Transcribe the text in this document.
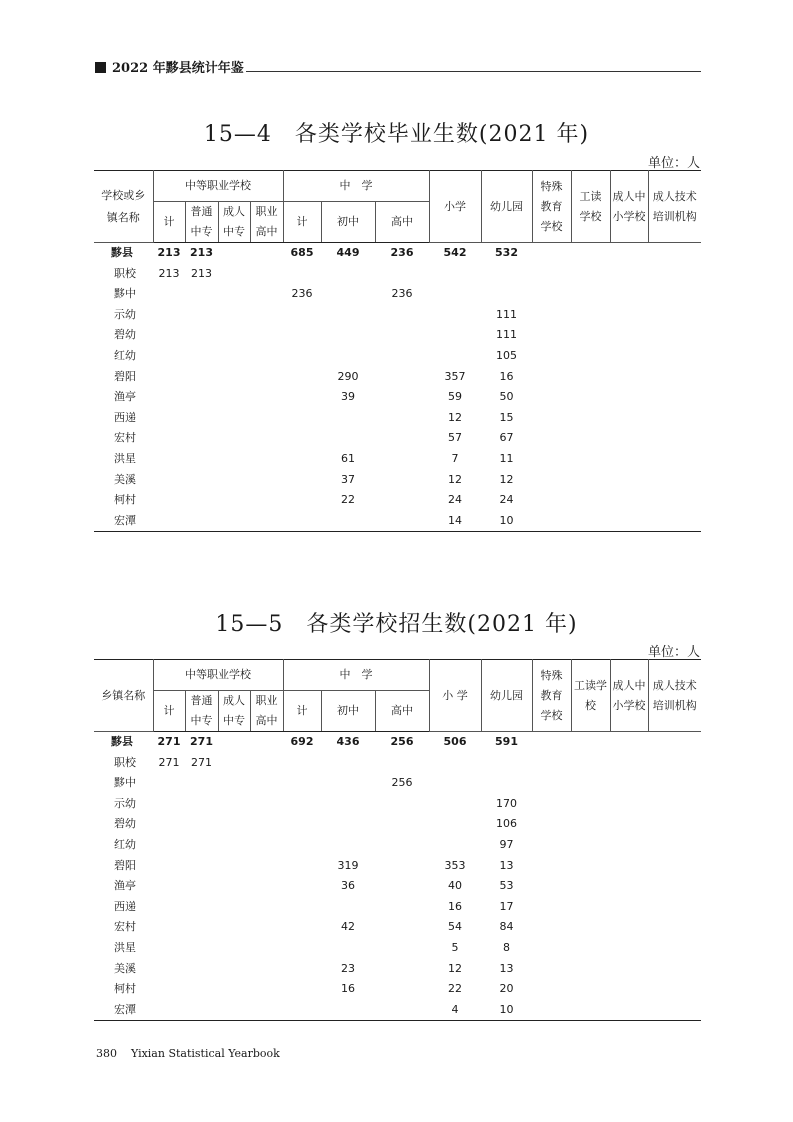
2022 年黟县统计年鉴
15—4　各类学校毕业生数(2021 年)
单位：人
学校或乡镇名称	中等职业学校				中　学			小学	幼儿园	特殊教育学校	工读学校	成人中小学校	成人技术培训机构
	计	普通中专	成人中专	职业高中	计	初中	高中						
黟县	213	213			685	449	236	542	532				
职校	213	213											
黟中					236		236						
示幼									111				
碧幼									111				
红幼									105				
碧阳						290		357	16				
渔亭						39		59	50				
西递								12	15				
宏村								57	67				
洪星						61		7	11				
美溪						37		12	12				
柯村						22		24	24				
宏潭								14	10				
15—5　各类学校招生数(2021 年)
单位：人
乡镇名称	中等职业学校				中　学			小 学	幼儿园	特殊教育学校	工读学校	成人中小学校	成人技术培训机构
	计	普通中专	成人中专	职业高中	计	初中	高中						
黟县	271	271			692	436	256	506	591				
职校	271	271											
黟中							256						
示幼									170				
碧幼									106				
红幼									97				
碧阳						319		353	13				
渔亭						36		40	53				
西递								16	17				
宏村						42		54	84				
洪星								5	8				
美溪						23		12	13				
柯村						16		22	20				
宏潭								4	10				
380 Yixian Statistical Yearbook
